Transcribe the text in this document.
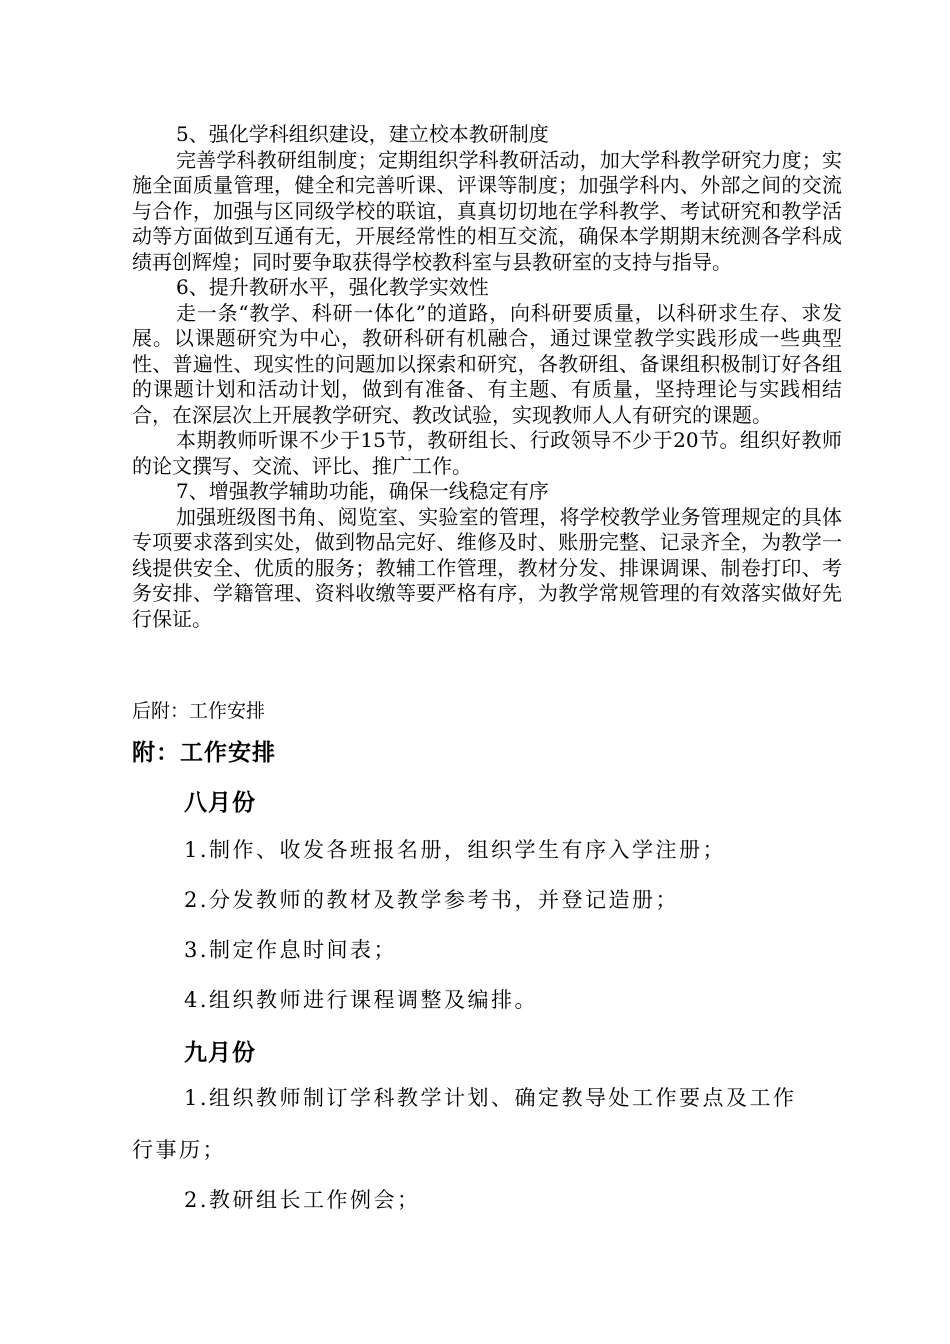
5、强化学科组织建设，建立校本教研制度

完善学科教研组制度；定期组织学科教研活动，加大学科教学研究力度；实施全面质量管理，健全和完善听课、评课等制度；加强学科内、外部之间的交流与合作，加强与区同级学校的联谊，真真切切地在学科教学、考试研究和教学活动等方面做到互通有无，开展经常性的相互交流，确保本学期期末统测各学科成绩再创辉煌；同时要争取获得学校教科室与县教研室的支持与指导。

6、提升教研水平，强化教学实效性

走一条“教学、科研一体化”的道路，向科研要质量，以科研求生存、求发展。以课题研究为中心，教研科研有机融合，通过课堂教学实践形成一些典型性、普遍性、现实性的问题加以探索和研究，各教研组、备课组积极制订好各组的课题计划和活动计划，做到有准备、有主题、有质量，坚持理论与实践相结合，在深层次上开展教学研究、教改试验，实现教师人人有研究的课题。

本期教师听课不少于15节，教研组长、行政领导不少于20节。组织好教师的论文撰写、交流、评比、推广工作。

7、增强教学辅助功能，确保一线稳定有序

加强班级图书角、阅览室、实验室的管理，将学校教学业务管理规定的具体专项要求落到实处，做到物品完好、维修及时、账册完整、记录齐全，为教学一线提供安全、优质的服务；教辅工作管理，教材分发、排课调课、制卷打印、考务安排、学籍管理、资料收缴等要严格有序，为教学常规管理的有效落实做好先行保证。

后附：工作安排
附：工作安排
八月份
1.制作、收发各班报名册，组织学生有序入学注册；
2.分发教师的教材及教学参考书，并登记造册；
3.制定作息时间表；
4.组织教师进行课程调整及编排。
九月份
1.组织教师制订学科教学计划、确定教导处工作要点及工作
行事历；
2.教研组长工作例会；
